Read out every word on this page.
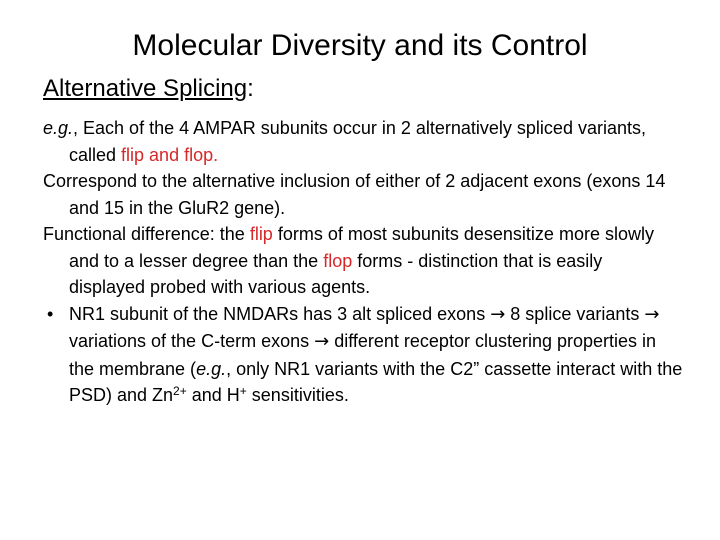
Molecular Diversity and its Control
Alternative Splicing:

e.g., Each of the 4 AMPAR subunits occur in 2 alternatively spliced variants, called flip and flop.

Correspond to the alternative inclusion of either of 2 adjacent exons (exons 14 and 15 in the GluR2 gene).

Functional difference: the flip forms of most subunits desensitize more slowly and to a lesser degree than the flop forms - distinction that is easily displayed probed with various agents.

• NR1 subunit of the NMDARs has 3 alt spliced exons → 8 splice variants → variations of the C-term exons → different receptor clustering properties in the membrane (e.g., only NR1 variants with the C2” cassette interact with the PSD) and $Zn^{2+}$ and H+ sensitivities.
